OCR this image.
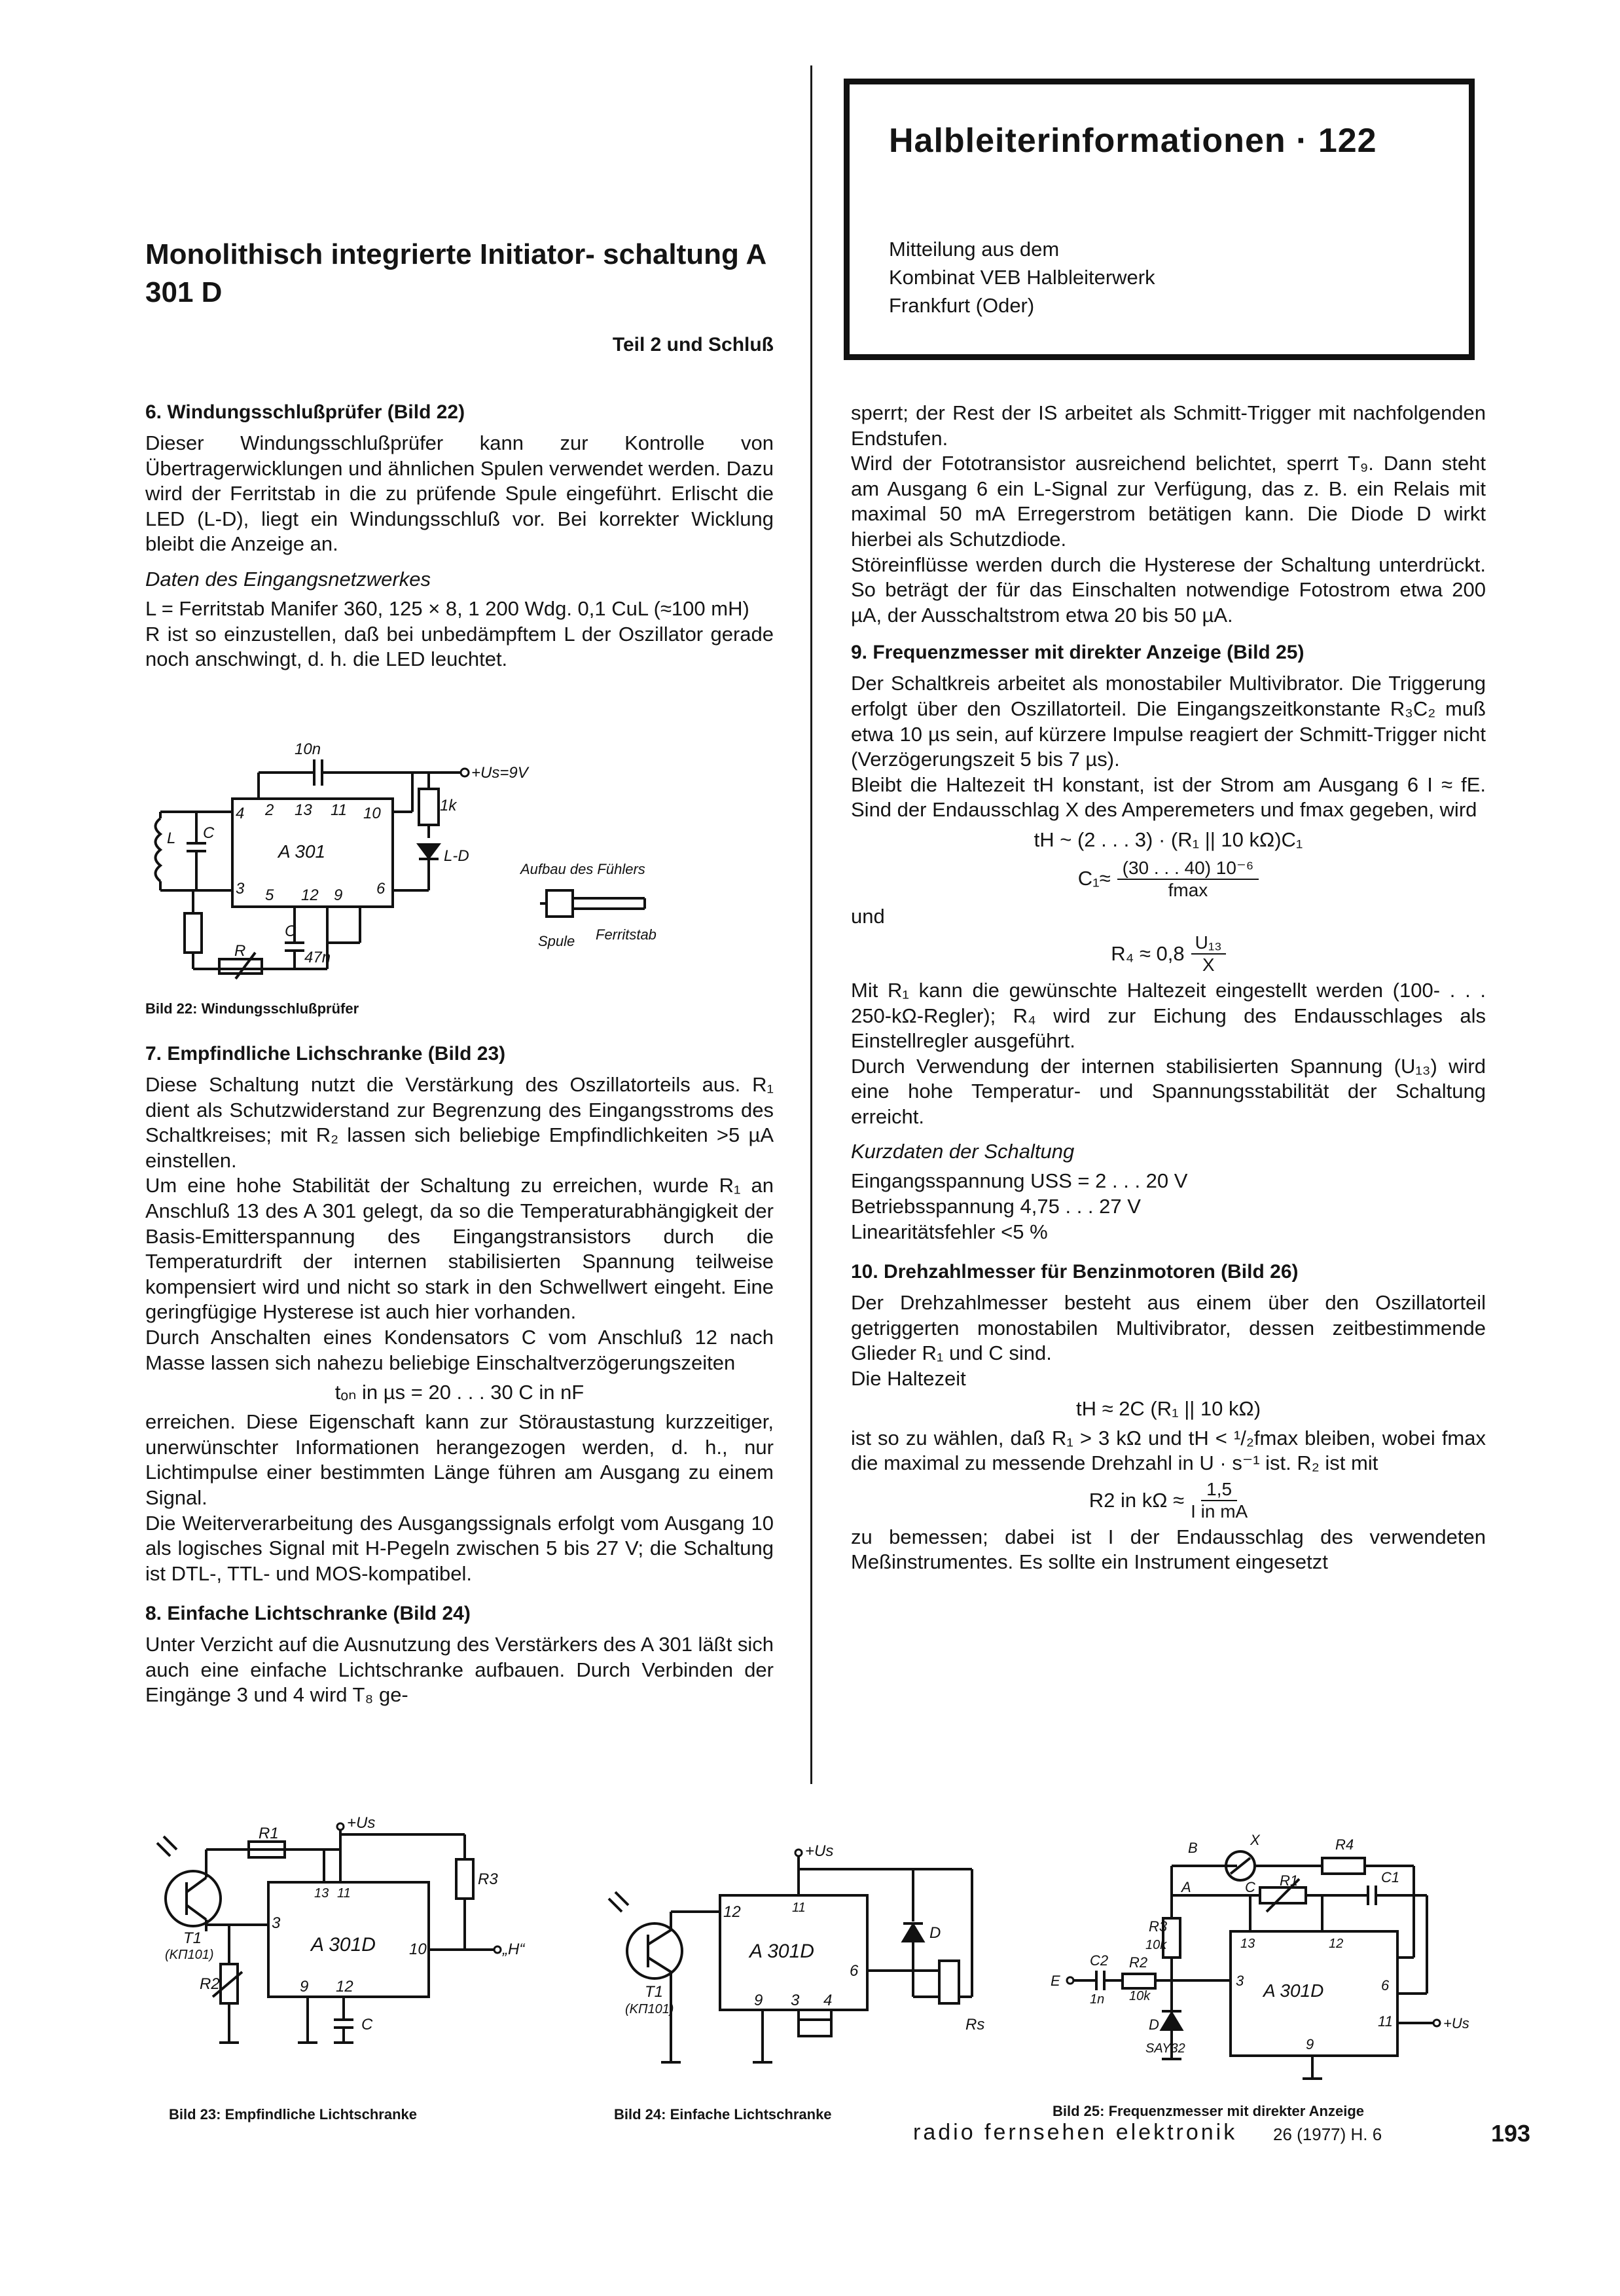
Halbleiterinformationen · 122
Mitteilung aus dem
Kombinat VEB Halbleiterwerk
Frankfurt (Oder)
Monolithisch integrierte Initiator- schaltung A 301 D
Teil 2 und Schluß
6. Windungsschlußprüfer (Bild 22)

Dieser Windungsschlußprüfer kann zur Kontrolle von Übertragerwicklungen und ähnlichen Spulen verwendet werden. Dazu wird der Ferritstab in die zu prüfende Spule eingeführt. Erlischt die LED (L-D), liegt ein Windungsschluß vor. Bei korrekter Wicklung bleibt die Anzeige an.

Daten des Eingangsnetzwerkes

L = Ferritstab Manifer 360, 125 × 8, 1 200 Wdg. 0,1 CuL (≈100 mH)

R ist so einzustellen, daß bei unbedämpftem L der Oszillator gerade noch anschwingt, d. h. die LED leuchtet.

10n
+Us=9V
1k
L-D
L C
A 301
4 2 13 11 10
3 5 12 9 6
47n
R
C
Aufbau des Fühlers
Spule Ferritstab
Bild 22: Windungsschlußprüfer
7. Empfindliche Lichschranke (Bild 23)

Diese Schaltung nutzt die Verstärkung des Oszillatorteils aus. R₁ dient als Schutzwiderstand zur Begrenzung des Eingangsstroms des Schaltkreises; mit R₂ lassen sich beliebige Empfindlichkeiten >5 µA einstellen.

Um eine hohe Stabilität der Schaltung zu erreichen, wurde R₁ an Anschluß 13 des A 301 gelegt, da so die Temperaturabhängigkeit der Basis-Emitterspannung des Eingangstransistors durch die Temperaturdrift der internen stabilisierten Spannung teilweise kompensiert wird und nicht so stark in den Schwellwert eingeht. Eine geringfügige Hysterese ist auch hier vorhanden.

Durch Anschalten eines Kondensators C vom Anschluß 12 nach Masse lassen sich nahezu beliebige Einschaltverzögerungszeiten

tₒₙ in µs = 20 . . . 30 C in nF

erreichen. Diese Eigenschaft kann zur Störaustastung kurzzeitiger, unerwünschter Informationen herangezogen werden, d. h., nur Lichtimpulse einer bestimmten Länge führen am Ausgang zu einem Signal.

Die Weiterverarbeitung des Ausgangssignals erfolgt vom Ausgang 10 als logisches Signal mit H-Pegeln zwischen 5 bis 27 V; die Schaltung ist DTL-, TTL- und MOS-kompatibel.

8. Einfache Lichtschranke (Bild 24)

Unter Verzicht auf die Ausnutzung des Verstärkers des A 301 läßt sich auch eine einfache Lichtschranke aufbauen. Durch Verbinden der Eingänge 3 und 4 wird T₈ ge-

sperrt; der Rest der IS arbeitet als Schmitt-Trigger mit nachfolgenden Endstufen.

Wird der Fototransistor ausreichend belichtet, sperrt T₉. Dann steht am Ausgang 6 ein L-Signal zur Verfügung, das z. B. ein Relais mit maximal 50 mA Erregerstrom betätigen kann. Die Diode D wirkt hierbei als Schutzdiode.

Störeinflüsse werden durch die Hysterese der Schaltung unterdrückt. So beträgt der für das Einschalten notwendige Fotostrom etwa 200 µA, der Ausschaltstrom etwa 20 bis 50 µA.

9. Frequenzmesser mit direkter Anzeige (Bild 25)

Der Schaltkreis arbeitet als monostabiler Multivibrator. Die Triggerung erfolgt über den Oszillatorteil. Die Eingangszeitkonstante R₃C₂ muß etwa 10 µs sein, auf kürzere Impulse reagiert der Schmitt-Trigger nicht (Verzögerungszeit 5 bis 7 µs).

Bleibt die Haltezeit tH konstant, ist der Strom am Ausgang 6 I ≈ fE. Sind der Endausschlag X des Amperemeters und fmax gegeben, wird

tH ~ (2 . . . 3) · (R₁ || 10 kΩ)C₁
C₁≈ (30 . . . 40) 10⁻⁶
fmax
und
$R_4 \approx 0,8 \frac{\text{U₁₃}}{X}$

Mit R₁ kann die gewünschte Haltezeit eingestellt werden (100- . . . 250-kΩ-Regler); R₄ wird zur Eichung des Endausschlages als Einstellregler ausgeführt.

Durch Verwendung der internen stabilisierten Spannung (U₁₃) wird eine hohe Temperatur- und Spannungsstabilität der Schaltung erreicht.

Kurzdaten der Schaltung
Eingangsspannung USS = 2 . . . 20 V
Betriebsspannung 4,75 . . . 27 V
Linearitätsfehler <5 %
10. Drehzahlmesser für Benzinmotoren (Bild 26)

Der Drehzahlmesser besteht aus einem über den Oszillatorteil getriggerten monostabilen Multivibrator, dessen zeitbestimmende Glieder R₁ und C sind.

Die Haltezeit

tH ≈ 2C (R₁ || 10 kΩ)

ist so zu wählen, daß R₁ > 3 kΩ und tH < ¹/₂fmax bleiben, wobei fmax die maximal zu messende Drehzahl in U · s⁻¹ ist. R₂ ist mit

R2 in $k\Omega \approx \frac{1,5}{\text{I in mA}}$

zu bemessen; dabei ist I der Endausschlag des verwendeten Meßinstrumentes. Es sollte ein Instrument eingesetzt

+Us
R1
13 11
R3
T1
(KП101)
3
A 301D 10	„H“
R2	9 12
C
+Us
11
D
12
A 301D
6
Rs
T1
(KП101)	9 3 4
B	X	R4
A	C R1	C1
R3
10k	13	12
6
E
C2 R2
3 A 301D
11	+Us
1n 10k
D
SAY32	9
Bild 23: Empfindliche Lichtschranke	Bild 24: Einfache Lichtschranke	Bild 25: Frequenzmesser mit direkter Anzeige
radio fernsehen elektronik 26 (1977) H. 6	193
